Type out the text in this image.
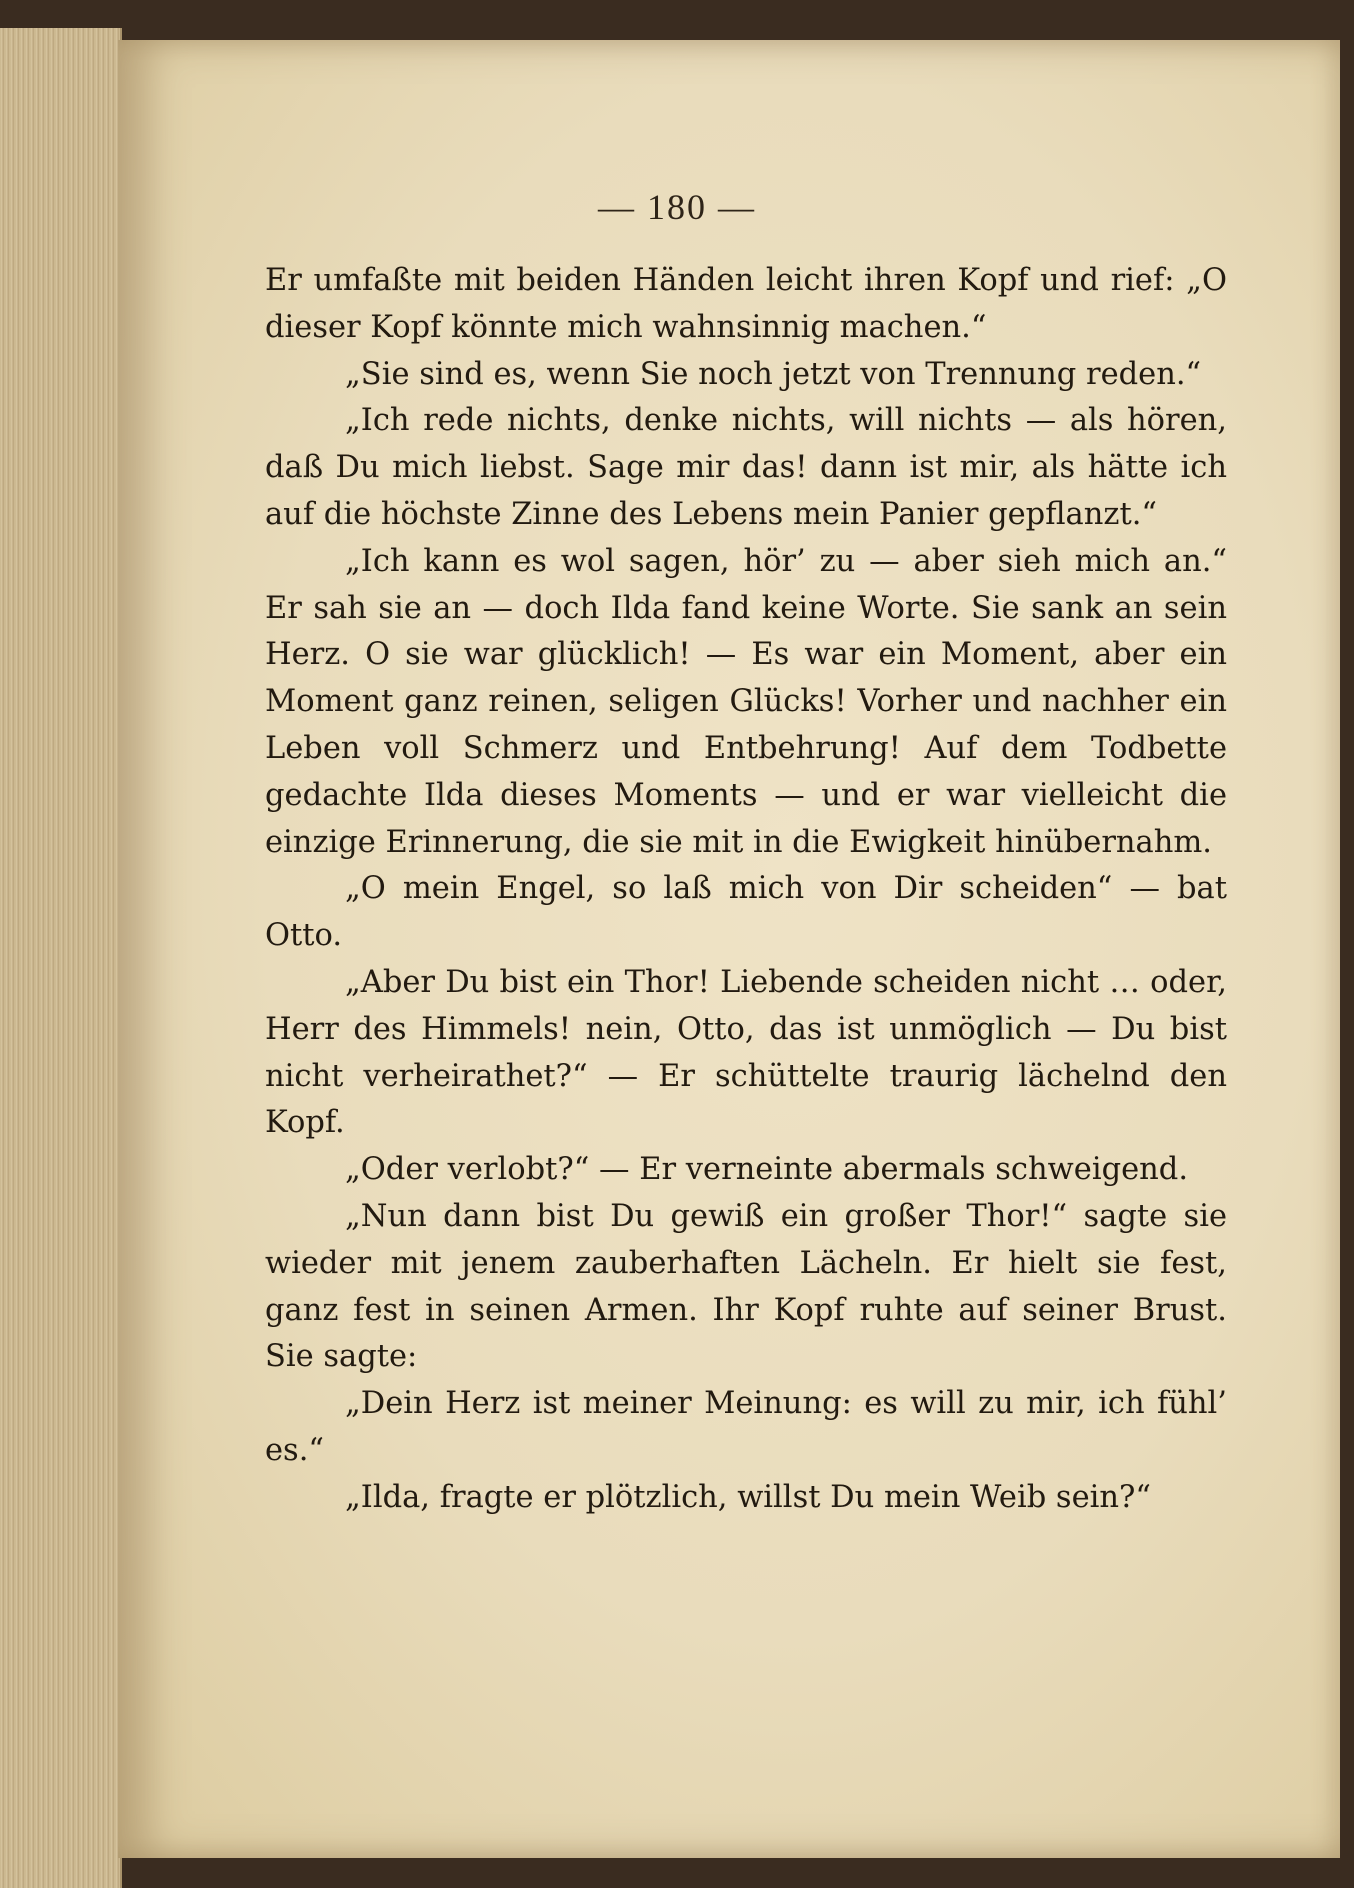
— 180 —

Er umfaßte mit beiden Händen leicht ihren Kopf und rief: „O dieser Kopf könnte mich wahnsinnig machen.“

„Sie sind es, wenn Sie noch jetzt von Trennung reden.“

„Ich rede nichts, denke nichts, will nichts — als hören, daß Du mich liebst. Sage mir das! dann ist mir, als hätte ich auf die höchste Zinne des Lebens mein Panier gepflanzt.“

„Ich kann es wol sagen, hör’ zu — aber sieh mich an.“ Er sah sie an — doch Ilda fand keine Worte. Sie sank an sein Herz. O sie war glücklich! — Es war ein Moment, aber ein Moment ganz reinen, seligen Glücks! Vorher und nachher ein Leben voll Schmerz und Entbehrung! Auf dem Todbette gedachte Ilda dieses Moments — und er war vielleicht die einzige Erinnerung, die sie mit in die Ewigkeit hinübernahm.

„O mein Engel, so laß mich von Dir scheiden“ — bat Otto.

„Aber Du bist ein Thor! Liebende scheiden nicht … oder, Herr des Himmels! nein, Otto, das ist unmöglich — Du bist nicht verheirathet?“ — Er schüttelte traurig lächelnd den Kopf.

„Oder verlobt?“ — Er verneinte abermals schweigend.

„Nun dann bist Du gewiß ein großer Thor!“ sagte sie wieder mit jenem zauberhaften Lächeln. Er hielt sie fest, ganz fest in seinen Armen. Ihr Kopf ruhte auf seiner Brust. Sie sagte:

„Dein Herz ist meiner Meinung: es will zu mir, ich fühl’ es.“

„Ilda, fragte er plötzlich, willst Du mein Weib sein?“
